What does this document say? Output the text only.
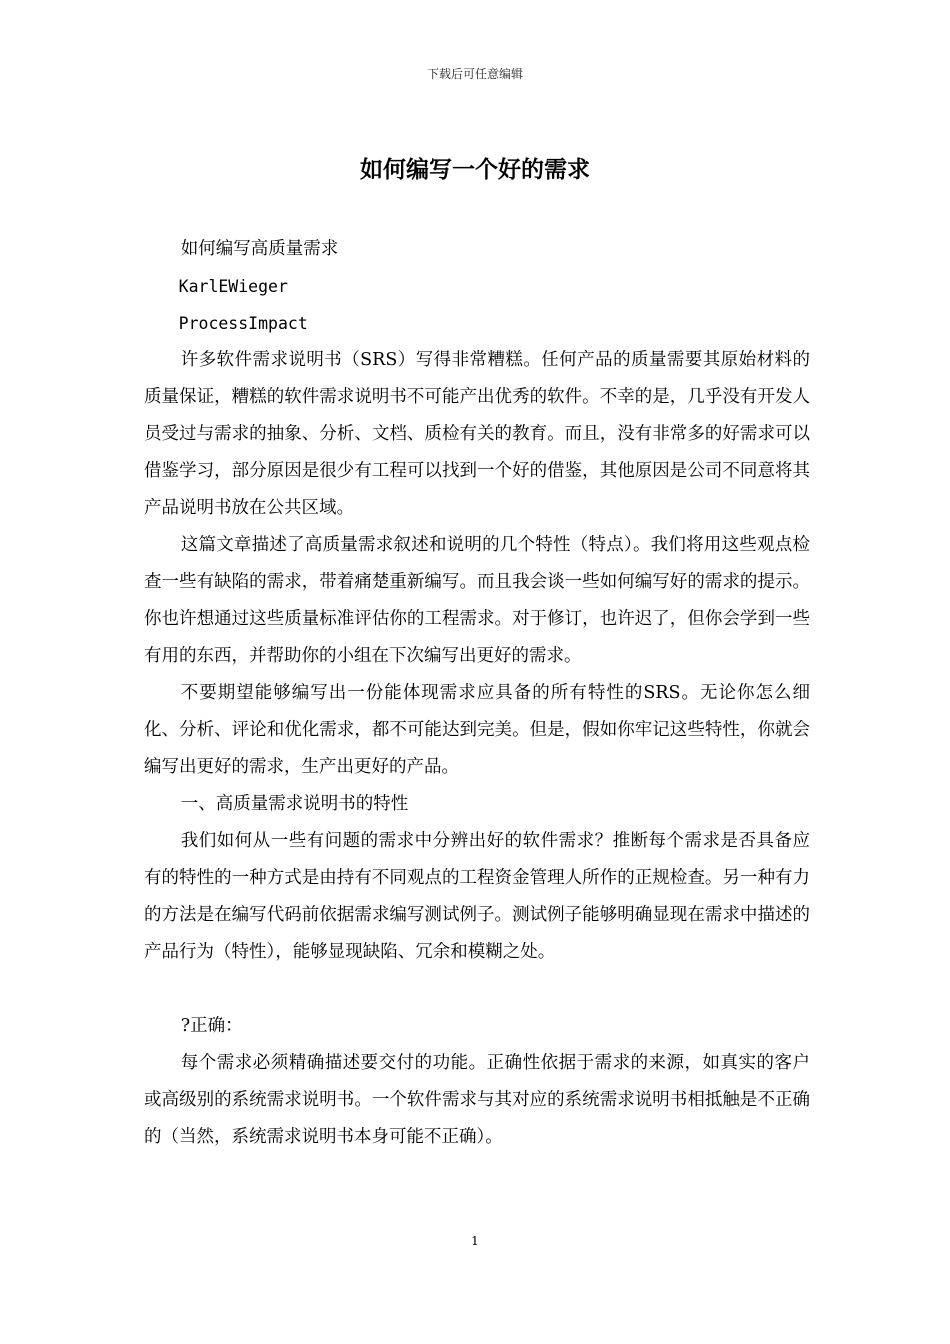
下载后可任意编辑
如何编写一个好的需求

如何编写高质量需求

KarlEWieger

ProcessImpact

许多软件需求说明书（SRS）写得非常糟糕。任何产品的质量需要其原始材料的质量保证，糟糕的软件需求说明书不可能产出优秀的软件。不幸的是，几乎没有开发人员受过与需求的抽象、分析、文档、质检有关的教育。而且，没有非常多的好需求可以借鉴学习，部分原因是很少有工程可以找到一个好的借鉴，其他原因是公司不同意将其产品说明书放在公共区域。

这篇文章描述了高质量需求叙述和说明的几个特性（特点）。我们将用这些观点检查一些有缺陷的需求，带着痛楚重新编写。而且我会谈一些如何编写好的需求的提示。你也许想通过这些质量标准评估你的工程需求。对于修订，也许迟了，但你会学到一些有用的东西，并帮助你的小组在下次编写出更好的需求。

不要期望能够编写出一份能体现需求应具备的所有特性的SRS。无论你怎么细化、分析、评论和优化需求，都不可能达到完美。但是，假如你牢记这些特性，你就会编写出更好的需求，生产出更好的产品。

一、高质量需求说明书的特性

我们如何从一些有问题的需求中分辨出好的软件需求？推断每个需求是否具备应有的特性的一种方式是由持有不同观点的工程资金管理人所作的正规检查。另一种有力的方法是在编写代码前依据需求编写测试例子。测试例子能够明确显现在需求中描述的产品行为（特性），能够显现缺陷、冗余和模糊之处。

?正确：

每个需求必须精确描述要交付的功能。正确性依据于需求的来源，如真实的客户或高级别的系统需求说明书。一个软件需求与其对应的系统需求说明书相抵触是不正确的（当然，系统需求说明书本身可能不正确）。

1
